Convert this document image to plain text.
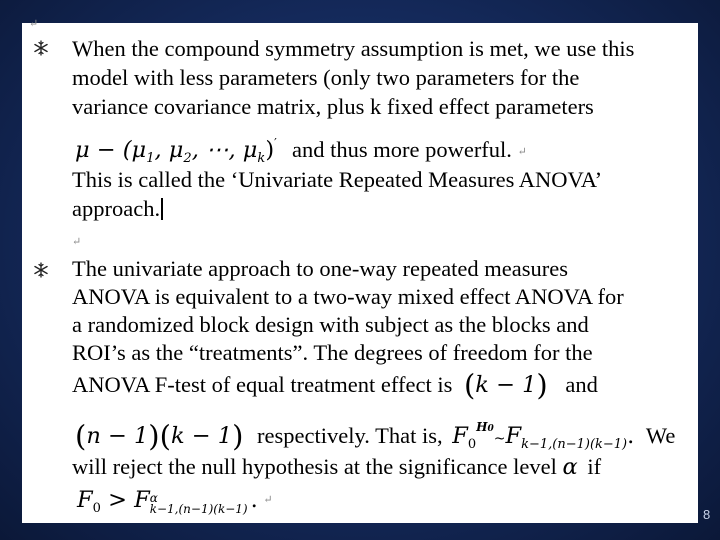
↵
When the compound symmetry assumption is met, we use this
model with less parameters (only two parameters for the
variance covariance matrix, plus k fixed effect parameters
$\mu - (\mu_1$, $\mu_2$, ⋯, $\mu_k)'$ and thus more powerful. ↵
This is called the ‘Univariate Repeated Measures ANOVA’
approach.
↵
The univariate approach to one-way repeated measures
ANOVA is equivalent to a two-way mixed effect ANOVA for
a randomized block design with subject as the blocks and
ROI’s as the “treatments”. The degrees of freedom for the
ANOVA F-test of equal treatment effect is (k − 1) and
(n − 1)(k − 1) respectively. That is, $F_0^{H0}\sim F_{k-1,(n-1)(k-1)}$. We
will reject the null hypothesis at the significance level α if
$F_0 > F$ α
k−1,(n−1)(k−1) . ↵
8
